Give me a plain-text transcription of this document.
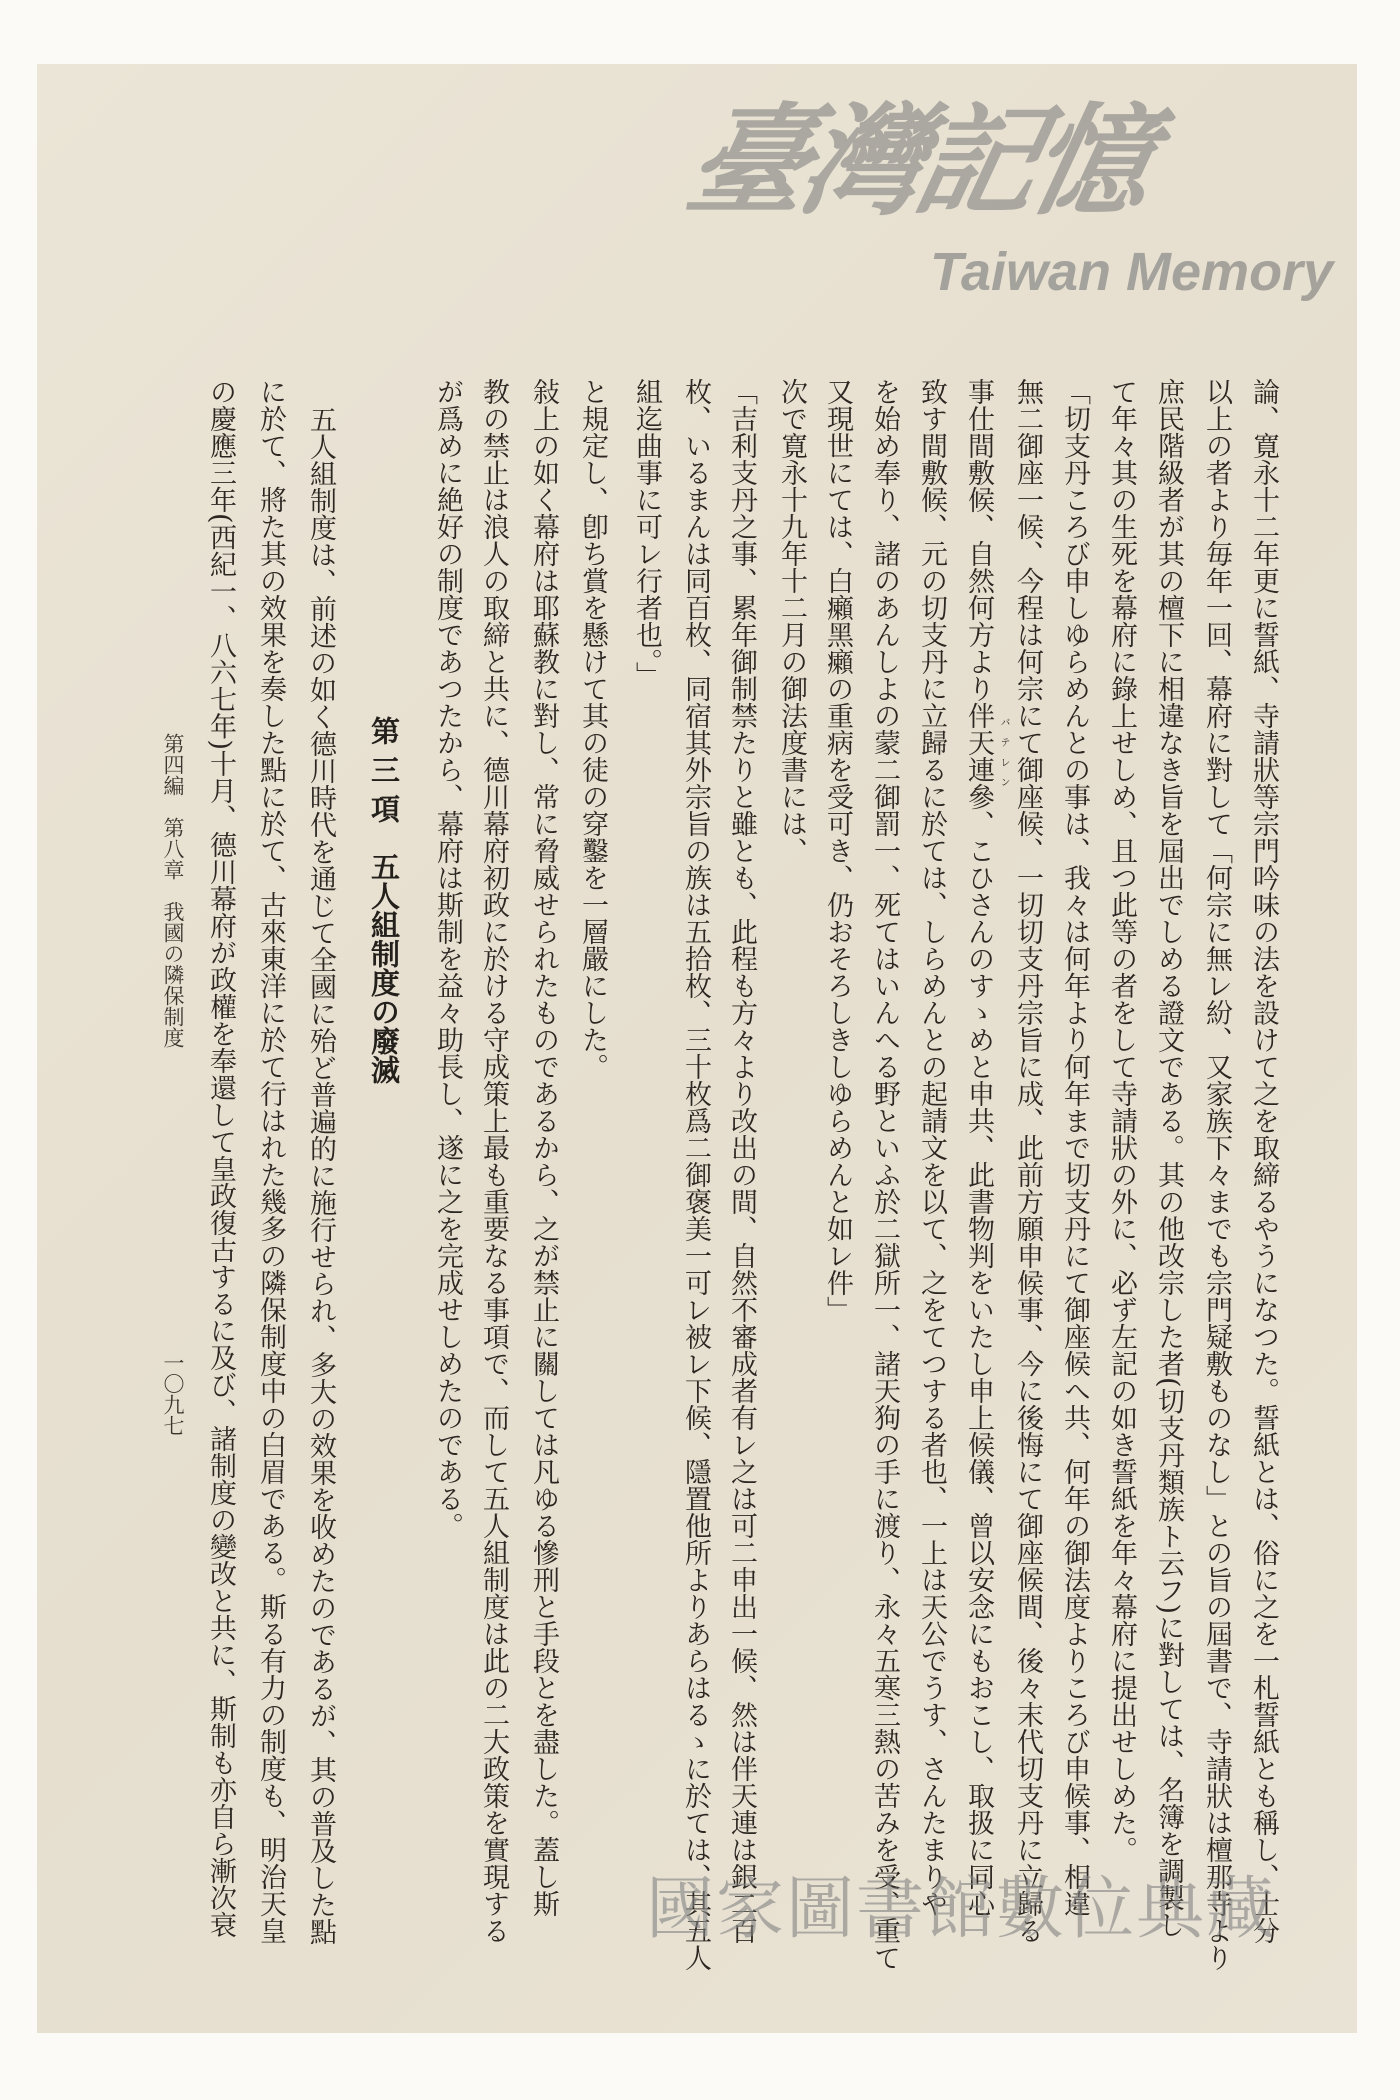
論、寛永十二年更に誓紙、寺請狀等宗門吟味の法を設けて之を取締るやうになつた。誓紙とは、俗に之を一札誓紙とも稱し、士分
以上の者より毎年一回、幕府に對して「何宗に無レ紛、又家族下々までも宗門疑敷ものなし」との旨の屆書で、寺請狀は檀那寺より
庶民階級者が其の檀下に相違なき旨を屆出でしめる證文である。其の他改宗した者(切支丹類族ト云フ)に對しては、名簿を調製し
て年々其の生死を幕府に錄上せしめ、且つ此等の者をして寺請狀の外に、必ず左記の如き誓紙を年々幕府に提出せしめた。
「切支丹ころび申しゆらめんとの事は、我々は何年より何年まで切支丹にて御座候へ共、何年の御法度よりころび申候事、相違
無二御座一候、今程は何宗にて御座候、一切切支丹宗旨に成、此前方願申候事、今に後悔にて御座候間、後々末代切支丹に立歸る
事仕間敷候、自然何方より伴天連參、こひさんのすゝめと申共、此書物判をいたし申上候儀、曾以安念にもおこし、取扱に同心 バテレン
致す間敷候、元の切支丹に立歸るに於ては、しらめんとの起請文を以て、之をてつする者也、一上は天公でうす、さんたまりや
を始め奉り、諸のあんしよの蒙二御罰一、死てはいんへる野といふ於二獄所一、諸天狗の手に渡り、永々五寒三熱の苦みを受、重て
又現世にては、白癩黑癩の重病を受可き、仍おそろしきしゆらめんと如レ件」
次で寛永十九年十二月の御法度書には、
「吉利支丹之事、累年御制禁たりと雖とも、此程も方々より改出の間、自然不審成者有レ之は可二申出一候、然は伴天連は銀二百
枚、いるまんは同百枚、同宿其外宗旨の族は五拾枚、三十枚爲二御褒美一可レ被レ下候、隱置他所よりあらはるゝに於ては、其五人
組迄曲事に可レ行者也。」
と規定し、卽ち賞を懸けて其の徒の穿鑿を一層嚴にした。
敍上の如く幕府は耶蘇教に對し、常に脅威せられたものであるから、之が禁止に關しては凡ゆる慘刑と手段とを盡した。蓋し斯
教の禁止は浪人の取締と共に、德川幕府初政に於ける守成策上最も重要なる事項で、而して五人組制度は此の二大政策を實現する
が爲めに絶好の制度であつたから、幕府は斯制を益々助長し、遂に之を完成せしめたのである。
五人組制度は、前述の如く德川時代を通じて全國に殆ど普遍的に施行せられ、多大の效果を收めたのであるが、其の普及した點
に於て、將た其の效果を奏した點に於て、古來東洋に於て行はれた幾多の隣保制度中の白眉である。斯る有力の制度も、明治天皇
の慶應三年(西紀一、八六七年)十月、德川幕府が政權を奉還して皇政復古するに及び、諸制度の變改と共に、斯制も亦自ら漸次衰	第 三 項　五人組制度の廢滅
第四編　第八章　我國の隣保制度
一〇九七
臺灣記憶
Taiwan Memory
國家圖書館數位典藏
